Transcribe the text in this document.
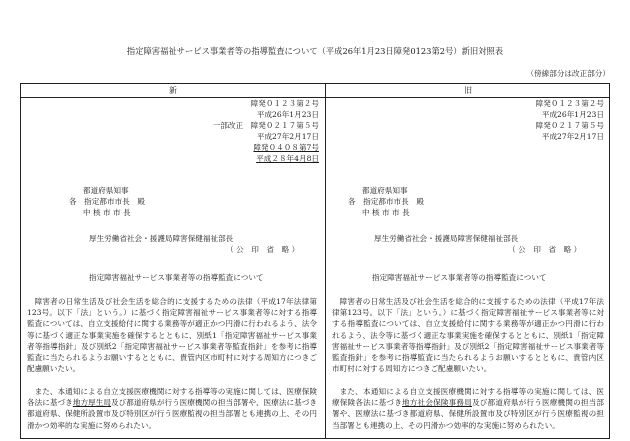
指定障害福祉サービス事業者等の指導監査について（平成26年1月23日障発0123第2号）新旧対照表
（傍線部分は改正部分）
新	旧
障発０１２３第２号
平成26年1月23日
一部改正　障発０２１７第５号
平成27年2月17日
障発０４０８第7号
平成２８年4月8日
都道府県知事
各　指定都市市長　殿
中 核 市 市 長
厚生労働省社会・援護局障害保健福祉部長
（ 公　印　省　略 ）
指定障害福祉サービス事業者等の指導監査について
障害者の日常生活及び社会生活を総合的に支援するための法律（平成17年法律第123号。以下「法」という。）に基づく指定障害福祉サービス事業者等に対する指導監査については、自立支援給付に関する業務等が適正かつ円滑に行われるよう、法令等に基づく適正な事業実施を確保するとともに、別紙1「指定障害福祉サービス事業者等指導指針」及び別紙2「指定障害福祉サービス事業者等監査指針」を参考に指導監査に当たられるようお願いするとともに、貴管内区市町村に対する周知方につきご配慮願いたい。
また、本通知による自立支援医療機関に対する指導等の実施に関しては、医療保険各法に基づき地方厚生局及び都道府県が行う医療機関の担当部署や、医療法に基づき都道府県、保健所設置市及び特別区が行う医療監視の担当部署とも連携の上、その円滑かつ効率的な実施に努められたい。
障発０１２３第２号
平成26年1月23日
障発０２１７第５号
平成27年2月17日
都道府県知事
各　指定都市市長　殿
中 核 市 市 長
厚生労働省社会・援護局障害保健福祉部長
（ 公　印　省　略 ）
指定障害福祉サービス事業者等の指導監査について
障害者の日常生活及び社会生活を総合的に支援するための法律（平成17年法律第123号。以下「法」という。）に基づく指定障害福祉サービス事業者等に対する指導監査については、自立支援給付に関する業務等が適正かつ円滑に行われるよう、法令等に基づく適正な事業実施を確保するとともに、別紙1「指定障害福祉サービス事業者等指導指針」及び別紙2「指定障害福祉サービス事業者等監査指針」を参考に指導監査に当たられるようお願いするとともに、貴管内区市町村に対する周知方につきご配慮願いたい。
また、本通知による自立支援医療機関に対する指導等の実施に関しては、医療保険各法に基づき地方社会保険事務局及び都道府県が行う医療機関の担当部署や、医療法に基づき都道府県、保健所設置市及び特別区が行う医療監視の担当部署とも連携の上、その円滑かつ効率的な実施に努められたい。
